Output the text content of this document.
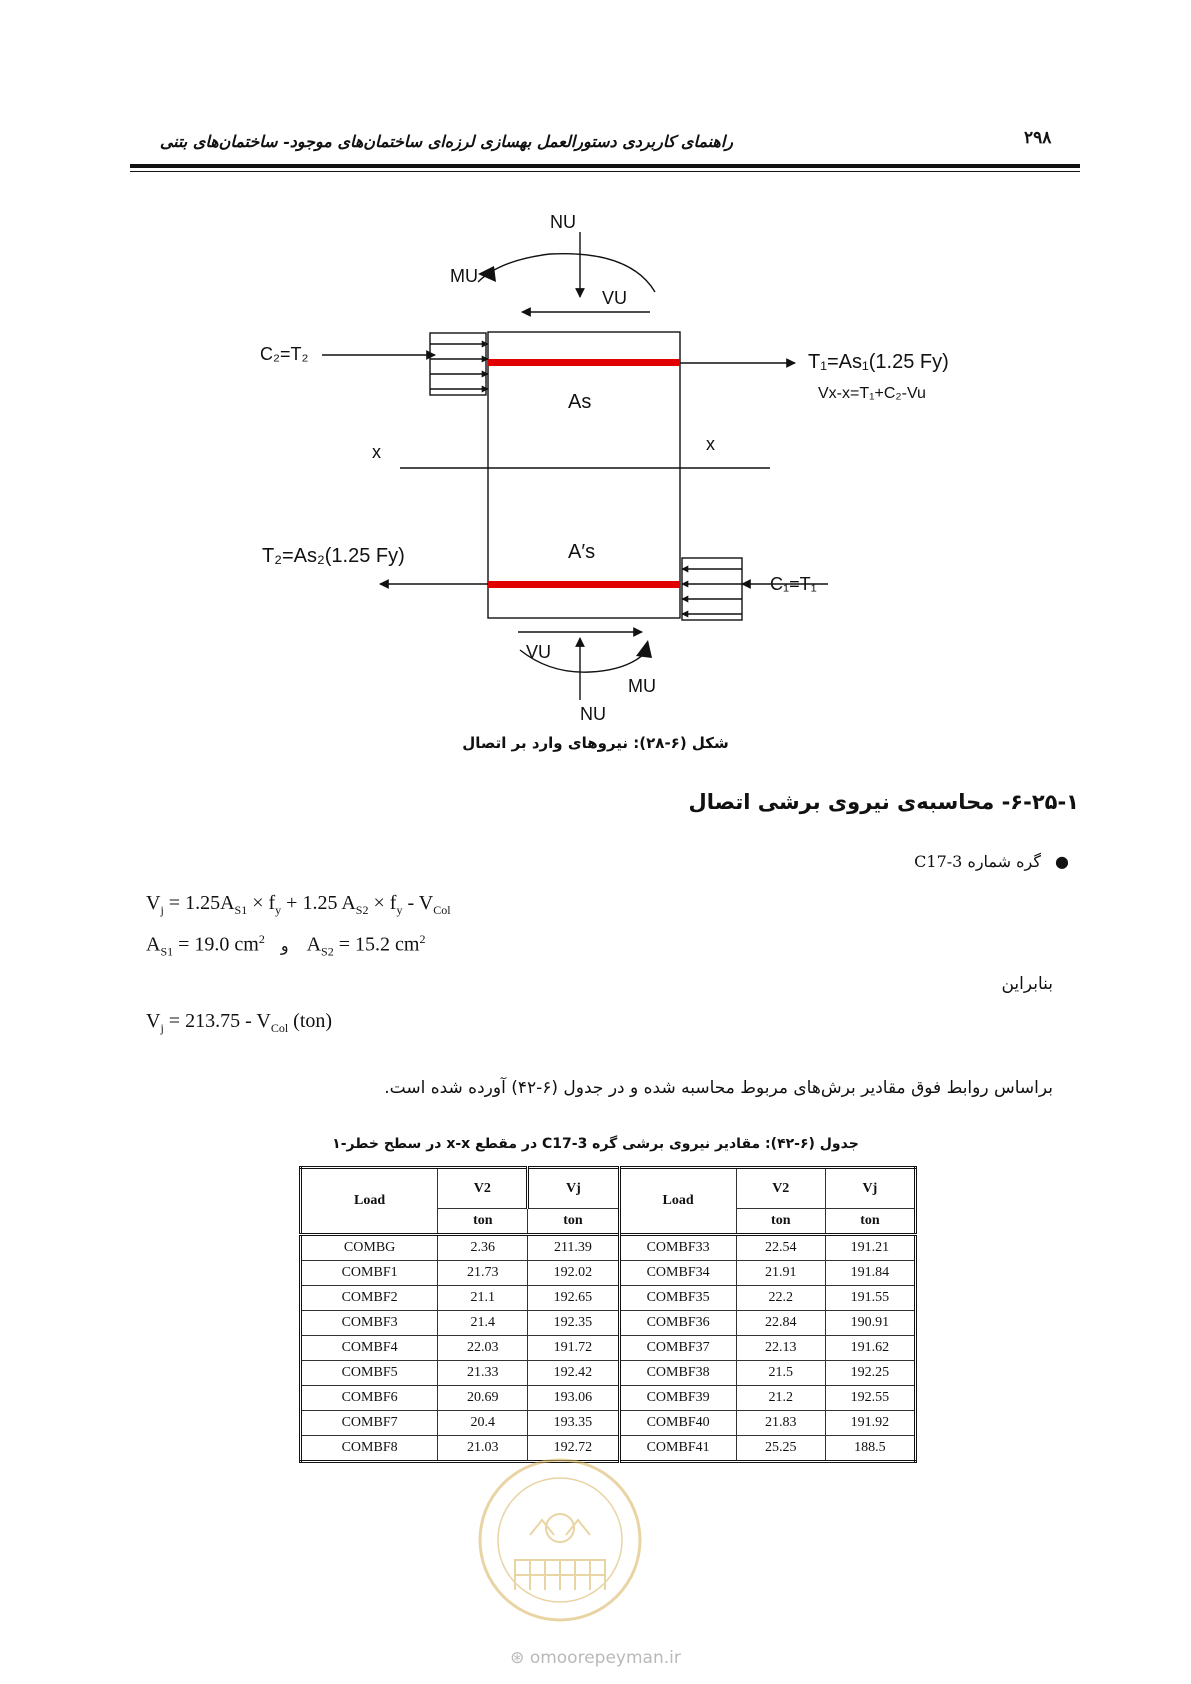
۲۹۸
راهنمای کاربردی دستورالعمل بهسازی لرزه‌ای ساختمان‌های موجود- ساختمان‌های بتنی
NU
MU
VU
C₂=T₂	T₁=As₁(1.25 Fy)
Vx-x=T₁+C₂-Vu
As
x	x
A′s
T₂=As₂(1.25 Fy)
C₁=T₁
VU
MU
NU
شکل (۶-۲۸): نیروهای وارد بر اتصال
۶-۲۵-۱- محاسبه‌ی نیروی برشی اتصال
●
گره شماره C17-3
$V_j = 1.25A_{S1} \times f_y + 1.25$ $A_{S2} \times f_y - V_{Col}$
$A_{S1} = 19.0$ $cm^2$ و $A_{S2} = 15.2$ $cm^2$
بنابراین
$V_j = 213.75 - V_{Col}$ (ton)
براساس روابط فوق مقادیر برش‌های مربوط محاسبه شده و در جدول (۶-۴۲) آورده شده است.
جدول (۶-۴۲): مقادیر نیروی برشی گره C17-3 در مقطع x-x در سطح خطر-۱
Load	V2	Vj	Load	V2	Vj
	ton	ton		ton	ton
COMBG	2.36	211.39	COMBF33	22.54	191.21
COMBF1	21.73	192.02	COMBF34	21.91	191.84
COMBF2	21.1	192.65	COMBF35	22.2	191.55
COMBF3	21.4	192.35	COMBF36	22.84	190.91
COMBF4	22.03	191.72	COMBF37	22.13	191.62
COMBF5	21.33	192.42	COMBF38	21.5	192.25
COMBF6	20.69	193.06	COMBF39	21.2	192.55
COMBF7	20.4	193.35	COMBF40	21.83	191.92
COMBF8	21.03	192.72	COMBF41	25.25	188.5
⊛ omoorepeyman.ir
